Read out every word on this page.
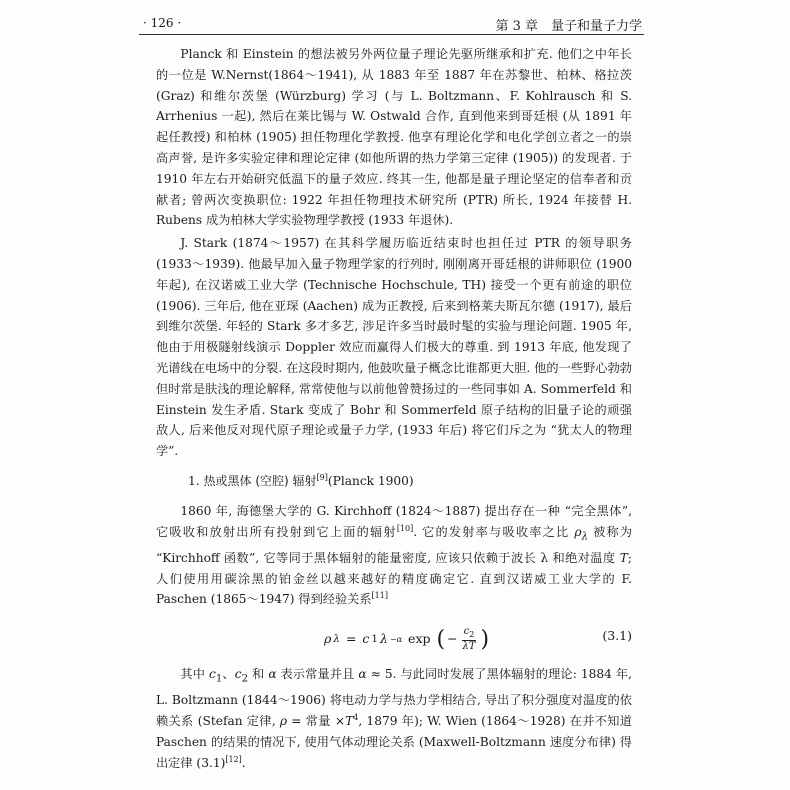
· 126 ·	第 3 章　量子和量子力学

Planck 和 Einstein 的想法被另外两位量子理论先驱所继承和扩充. 他们之中年长的一位是 W.Nernst(1864～1941), 从 1883 年至 1887 年在苏黎世、柏林、格拉茨 (Graz) 和维尔茨堡 (Würzburg) 学习 (与 L. Boltzmann、F. Kohlrausch 和 S. Arrhenius 一起), 然后在莱比锡与 W. Ostwald 合作, 直到他来到哥廷根 (从 1891 年起任教授) 和柏林 (1905) 担任物理化学教授. 他享有理论化学和电化学创立者之一的崇高声誉, 是许多实验定律和理论定律 (如他所谓的热力学第三定律 (1905)) 的发现者. 于 1910 年左右开始研究低温下的量子效应. 终其一生, 他都是量子理论坚定的信奉者和贡献者; 曾两次变换职位: 1922 年担任物理技术研究所 (PTR) 所长, 1924 年接替 H. Rubens 成为柏林大学实验物理学教授 (1933 年退休).

J. Stark (1874～1957) 在其科学履历临近结束时也担任过 PTR 的领导职务 (1933～1939). 他最早加入量子物理学家的行列时, 刚刚离开哥廷根的讲师职位 (1900 年起), 在汉诺威工业大学 (Technische Hochschule, TH) 接受一个更有前途的职位 (1906). 三年后, 他在亚琛 (Aachen) 成为正教授, 后来到格莱夫斯瓦尔德 (1917), 最后到维尔茨堡. 年轻的 Stark 多才多艺, 涉足许多当时最时髦的实验与理论问题. 1905 年, 他由于用极隧射线演示 Doppler 效应而赢得人们极大的尊重. 到 1913 年底, 他发现了光谱线在电场中的分裂. 在这段时期内, 他鼓吹量子概念比谁都更大胆. 他的一些野心勃勃但时常是肤浅的理论解释, 常常使他与以前他曾赞扬过的一些同事如 A. Sommerfeld 和 Einstein 发生矛盾. Stark 变成了 Bohr 和 Sommerfeld 原子结构的旧量子论的顽强敌人, 后来他反对现代原子理论或量子力学, (1933 年后) 将它们斥之为 “犹太人的物理学”.

1. 热或黑体 (空腔) 辐射[9](Planck 1900)

1860 年, 海德堡大学的 G. Kirchhoff (1824～1887) 提出存在一种 “完全黑体”, 它吸收和放射出所有投射到它上面的辐射[10]. 它的发射率与吸收率之比 $\rho_\lambda$ 被称为 “Kirchhoff 函数”, 它等同于黑体辐射的能量密度, 应该只依赖于波长 λ 和绝对温度 T; 人们使用用碳涂黑的铂金丝以越来越好的精度确定它. 直到汉诺威工业大学的 F. Paschen (1865～1947) 得到经验关系[11]

ρ λ = c 1 λ −α exp ( − $\frac{c_2}{\lambda T}$ )	(3.1)

其中 $c_1$、$c_2$ 和 α 表示常量并且 α ≈ 5. 与此同时发展了黑体辐射的理论: 1884 年, L. Boltzmann (1844～1906) 将电动力学与热力学相结合, 导出了积分强度对温度的依赖关系 (Stefan 定律, ρ = 常量 $\times T^4$, 1879 年); W. Wien (1864～1928) 在并不知道 Paschen 的结果的情况下, 使用气体动理论关系 (Maxwell-Boltzmann 速度分布律) 得出定律 (3.1)[12].
